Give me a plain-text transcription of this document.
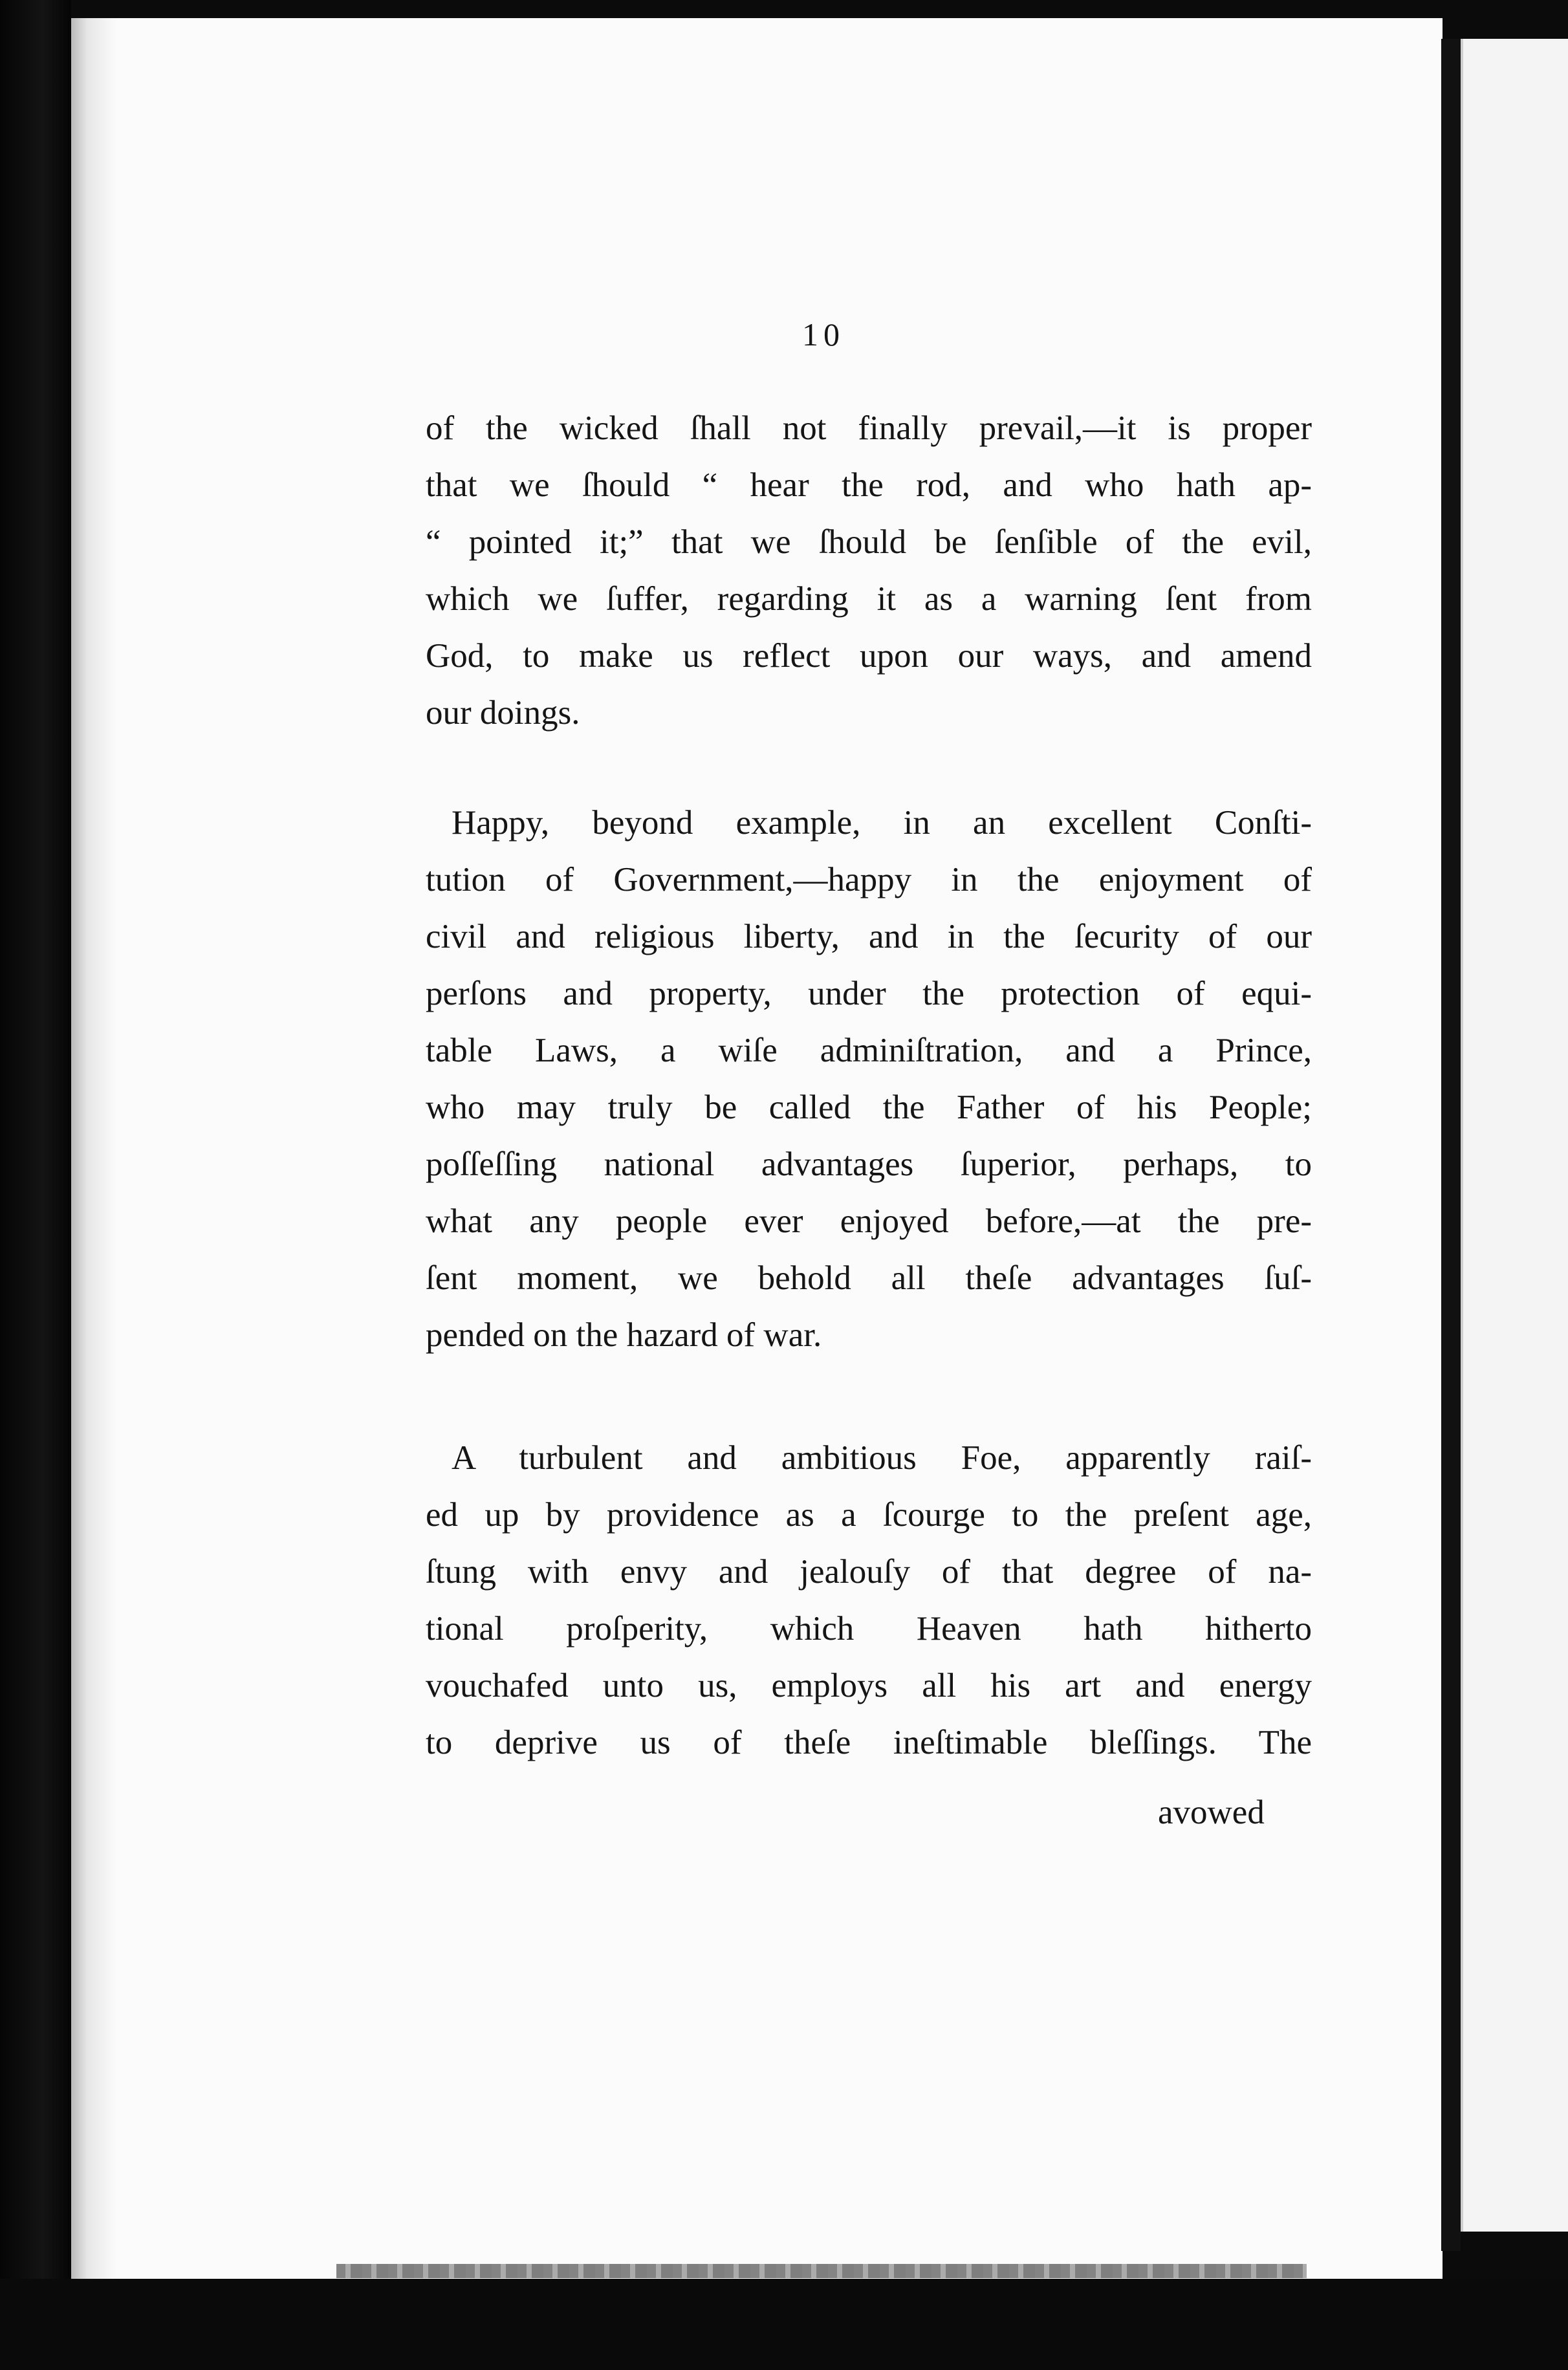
10

of the wicked ſhall not finally prevail,—it is proper
that we ſhould “ hear the rod, and who hath ap-
“ pointed it;” that we ſhould be ſenſible of the evil,
which we ſuffer, regarding it as a warning ſent from
God, to make us reflect upon our ways, and amend
our doings.

Happy, beyond example, in an excellent Conſti-
tution of Government,—happy in the enjoyment of
civil and religious liberty, and in the ſecurity of our
perſons and property, under the protection of equi-
table Laws, a wiſe adminiſtration, and a Prince,
who may truly be called the Father of his People;
poſſeſſing national advantages ſuperior, perhaps, to
what any people ever enjoyed before,—at the pre-
ſent moment, we behold all theſe advantages ſuſ-
pended on the hazard of war.

A turbulent and ambitious Foe, apparently raiſ-
ed up by providence as a ſcourge to the preſent age,
ſtung with envy and jealouſy of that degree of na-
tional proſperity, which Heaven hath hitherto
vouchafed unto us, employs all his art and energy
to deprive us of theſe ineſtimable bleſſings. The

avowed
